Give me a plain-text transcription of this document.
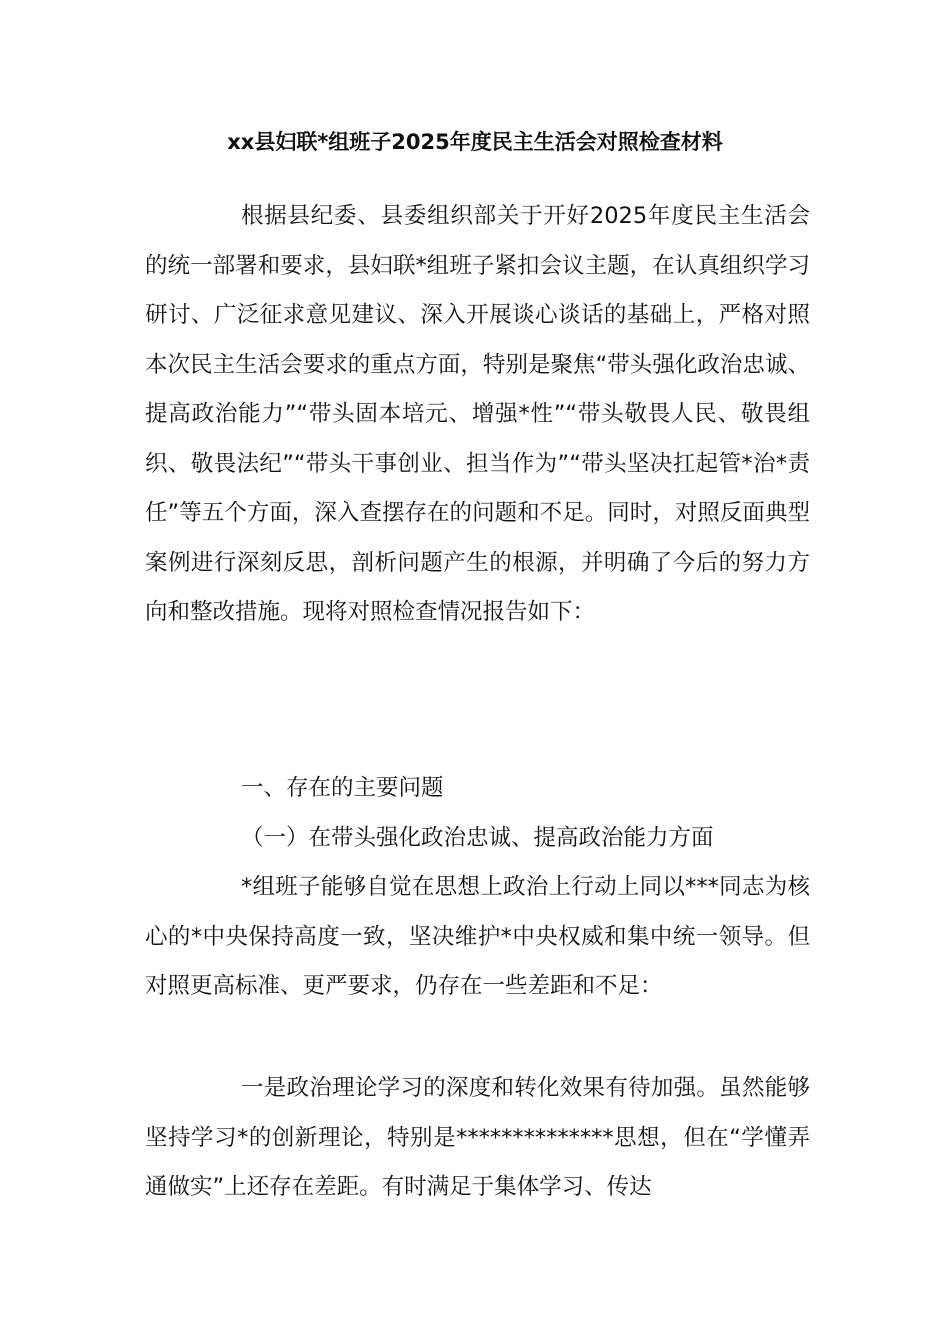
xx县妇联*组班子2025年度民主生活会对照检查材料

根据县纪委、县委组织部关于开好2025年度民主生活会的统一部署和要求，县妇联*组班子紧扣会议主题，在认真组织学习研讨、广泛征求意见建议、深入开展谈心谈话的基础上，严格对照本次民主生活会要求的重点方面，特别是聚焦“带头强化政治忠诚、提高政治能力”“带头固本培元、增强*性”“带头敬畏人民、敬畏组织、敬畏法纪”“带头干事创业、担当作为”“带头坚决扛起管*治*责任”等五个方面，深入查摆存在的问题和不足。同时，对照反面典型案例进行深刻反思，剖析问题产生的根源，并明确了今后的努力方向和整改措施。现将对照检查情况报告如下：

一、存在的主要问题

（一）在带头强化政治忠诚、提高政治能力方面

*组班子能够自觉在思想上政治上行动上同以***同志为核心的*中央保持高度一致，坚决维护*中央权威和集中统一领导。但对照更高标准、更严要求，仍存在一些差距和不足：

一是政治理论学习的深度和转化效果有待加强。虽然能够坚持学习*的创新理论，特别是**************思想，但在“学懂弄通做实”上还存在差距。有时满足于集体学习、传达
